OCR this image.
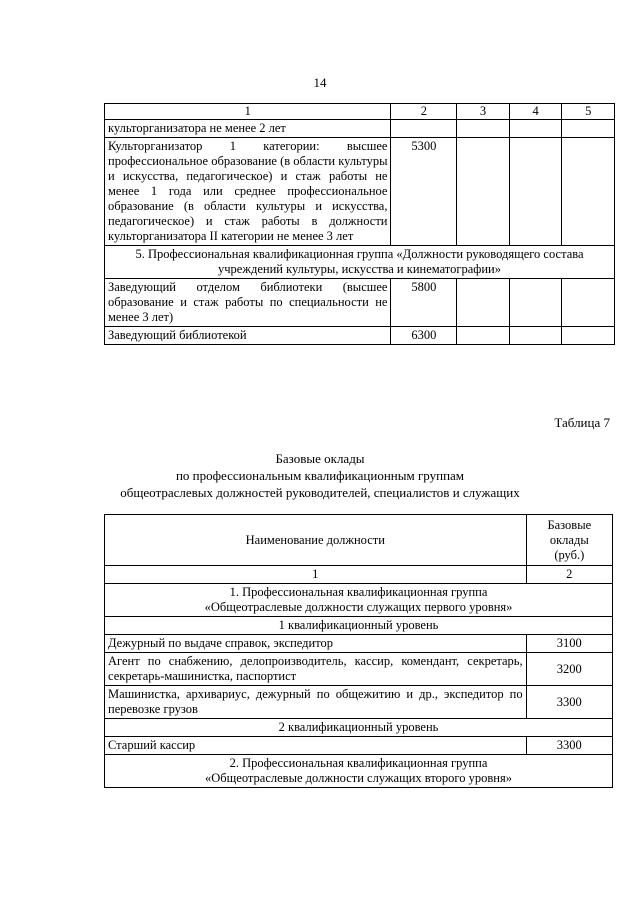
14
1	2	3	4	5
культорганизатора не менее 2 лет				
Культорганизатор 1 категории: высшее профессиональное образование (в области культуры и искусства, педагогическое) и стаж работы не менее 1 года или среднее профессиональное образование (в области культуры и искусства, педагогическое) и стаж работы в должности культорганизатора II категории не менее 3 лет	5300			
5. Профессиональная квалификационная группа «Должности руководящего состава учреждений культуры, искусства и кинематографии»				
Заведующий отделом библиотеки (высшее образование и стаж работы по специальности не менее 3 лет)	5800			
Заведующий библиотекой	6300			
Таблица 7
Базовые оклады
по профессиональным квалификационным группам
общеотраслевых должностей руководителей, специалистов и служащих
Наименование должности	Базовые
оклады
(руб.)

1	2

1. Профессиональная квалификационная группа
«Общеотраслевые должности служащих первого уровня»	

1 квалификационный уровень	
Дежурный по выдаче справок, экспедитор	3100
Агент по снабжению, делопроизводитель, кассир, комендант, секретарь, секретарь-машинистка, паспортист	3200
Машинистка, архивариус, дежурный по общежитию и др., экспедитор по перевозке грузов	3300
2 квалификационный уровень	
Старший кассир	3300

2. Профессиональная квалификационная группа
«Общеотраслевые должности служащих второго уровня»	
